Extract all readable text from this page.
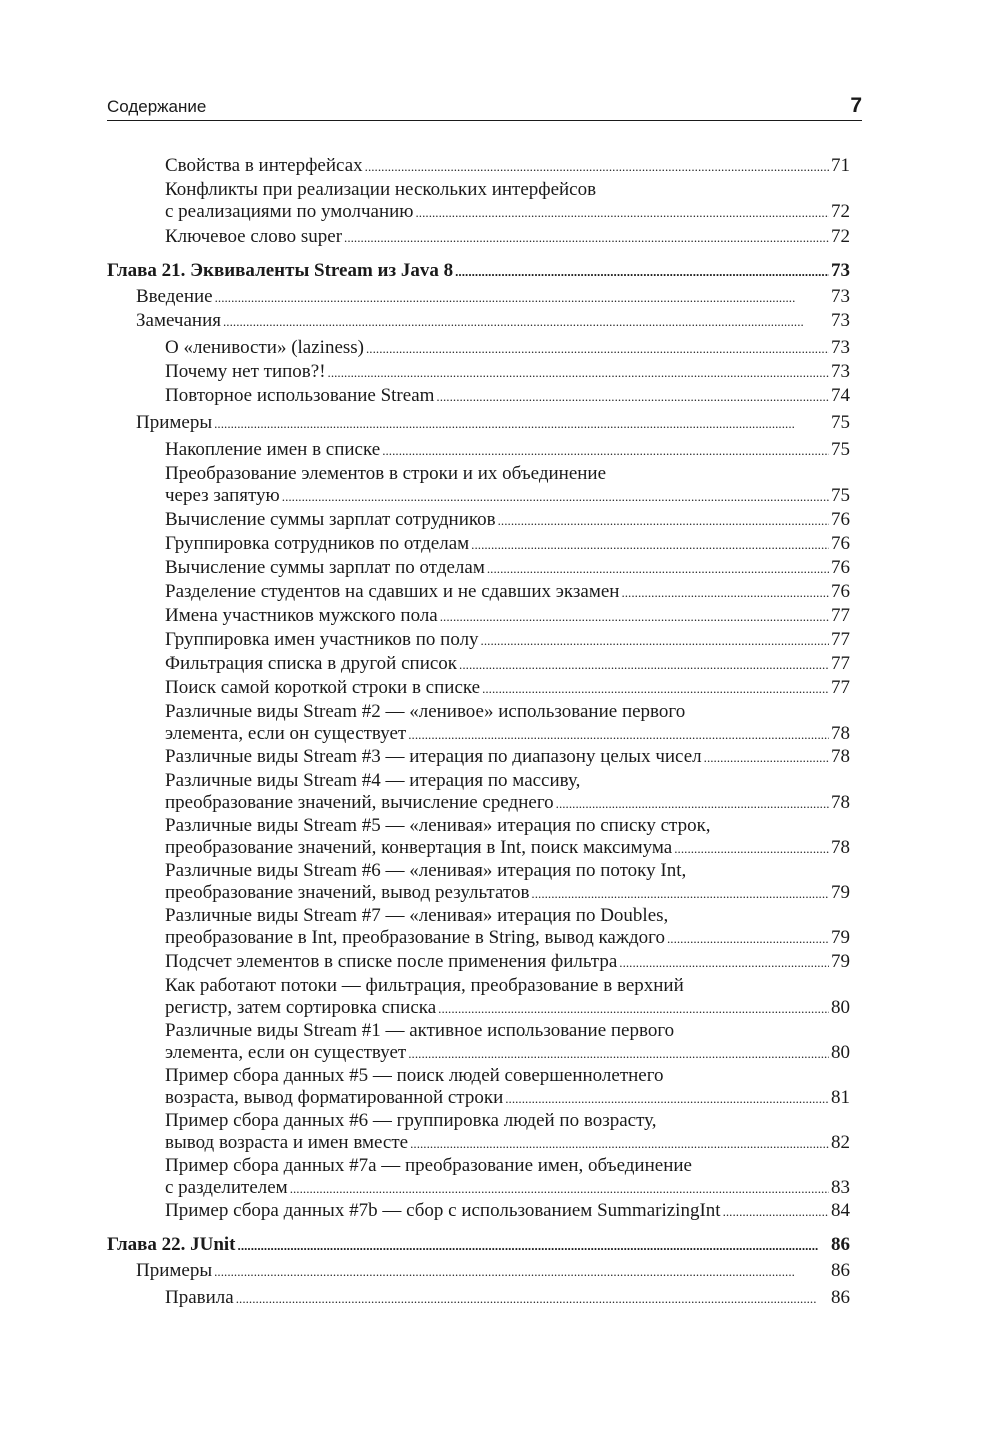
Содержание	7
Свойства в интерфейсах . . .	71
Конфликты при реализации нескольких интерфейсов
с реализациями по умолчанию . . .	72
Ключевое слово super . . .	72
Глава 21. Эквиваленты Stream из Java 8 . . .	73
Введение . . .	73
Замечания . . .	73
О «ленивости» (laziness) . . .	73
Почему нет типов?! . . .	73
Повторное использование Stream . . .	74
Примеры . . .	75
Накопление имен в списке . . .	75
Преобразование элементов в строки и их объединение
через запятую . . .	75
Вычисление суммы зарплат сотрудников . . .	76
Группировка сотрудников по отделам . . .	76
Вычисление суммы зарплат по отделам . . .	76
Разделение студентов на сдавших и не сдавших экзамен . . .	76
Имена участников мужского пола . . .	77
Группировка имен участников по полу . . .	77
Фильтрация списка в другой список . . .	77
Поиск самой короткой строки в списке . . .	77
Различные виды Stream #2 — «ленивое» использование первого
элемента, если он существует . . .	78
Различные виды Stream #3 — итерация по диапазону целых чисел . . .	78
Различные виды Stream #4 — итерация по массиву,
преобразование значений, вычисление среднего . . .	78
Различные виды Stream #5 — «ленивая» итерация по списку строк,
преобразование значений, конвертация в Int, поиск максимума . . .	78
Различные виды Stream #6 — «ленивая» итерация по потоку Int,
преобразование значений, вывод результатов . . .	79
Различные виды Stream #7 — «ленивая» итерация по Doubles,
преобразование в Int, преобразование в String, вывод каждого . . .	79
Подсчет элементов в списке после применения фильтра . . .	79
Как работают потоки — фильтрация, преобразование в верхний
регистр, затем сортировка списка . . .	80
Различные виды Stream #1 — активное использование первого
элемента, если он существует . . .	80
Пример сбора данных #5 — поиск людей совершеннолетнего
возраста, вывод форматированной строки . . .	81
Пример сбора данных #6 — группировка людей по возрасту,
вывод возраста и имен вместе . . .	82
Пример сбора данных #7a — преобразование имен, объединение
с разделителем . . .	83
Пример сбора данных #7b — сбор с использованием SummarizingInt . . .	84
Глава 22. JUnit . . .	86
Примеры . . .	86
Правила . . .	86
